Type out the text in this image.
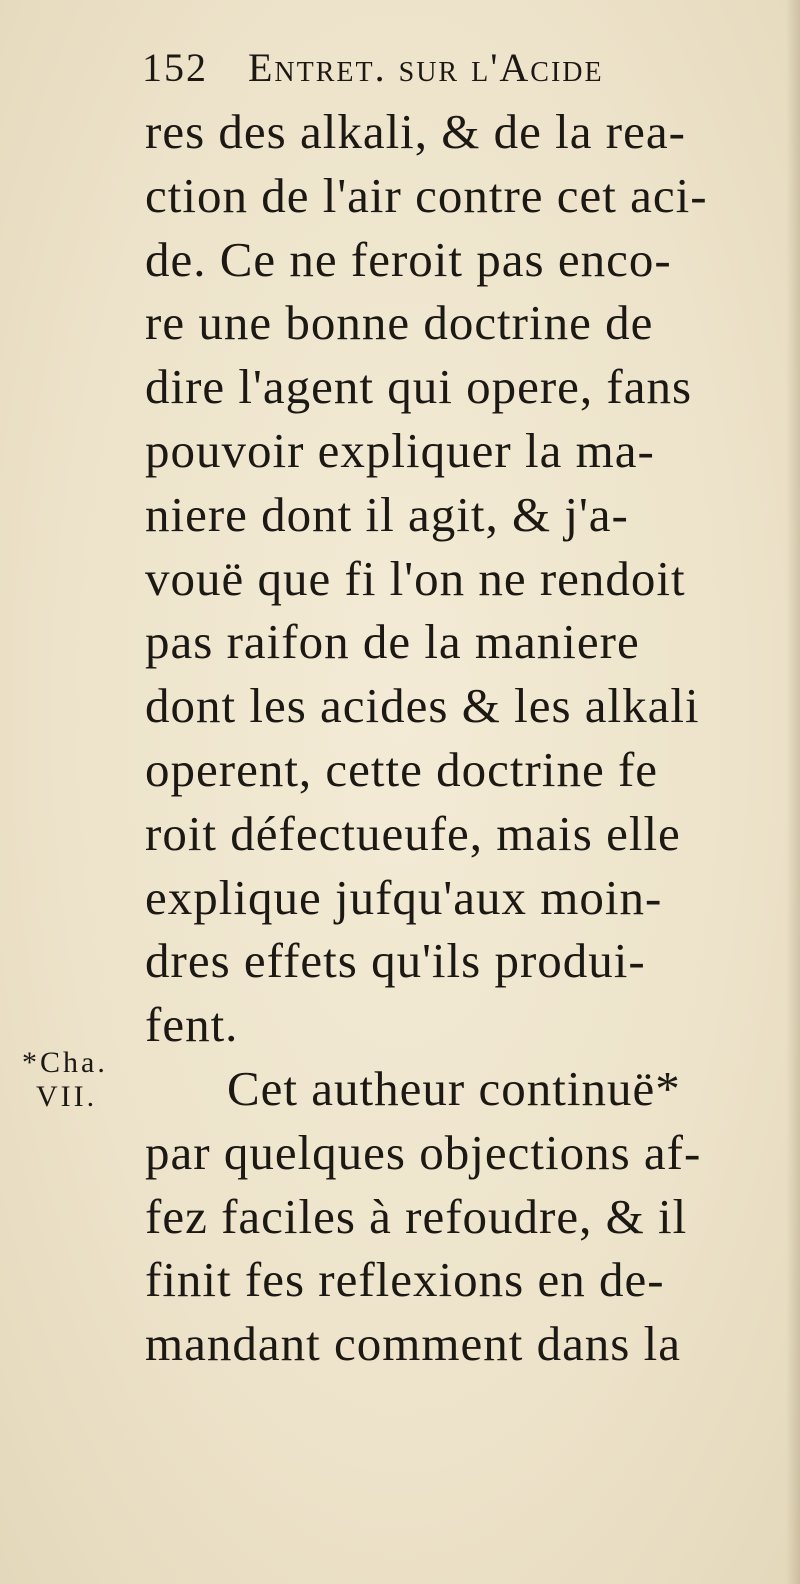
152 Entret. sur l'Acide
*Cha.
VII.
res des alkali, & de la rea-
ction de l'air contre cet aci-
de. Ce ne feroit pas enco-
re une bonne doctrine de
dire l'agent qui opere, fans
pouvoir expliquer la ma-
niere dont il agit, & j'a-
vouë que fi l'on ne rendoit
pas raifon de la maniere
dont les acides & les alkali
operent, cette doctrine fe
roit défectueufe, mais elle
explique jufqu'aux moin-
dres effets qu'ils produi-
fent.
Cet autheur continuë*
par quelques objections af-
fez faciles à refoudre, & il
finit fes reflexions en de-
mandant comment dans la
